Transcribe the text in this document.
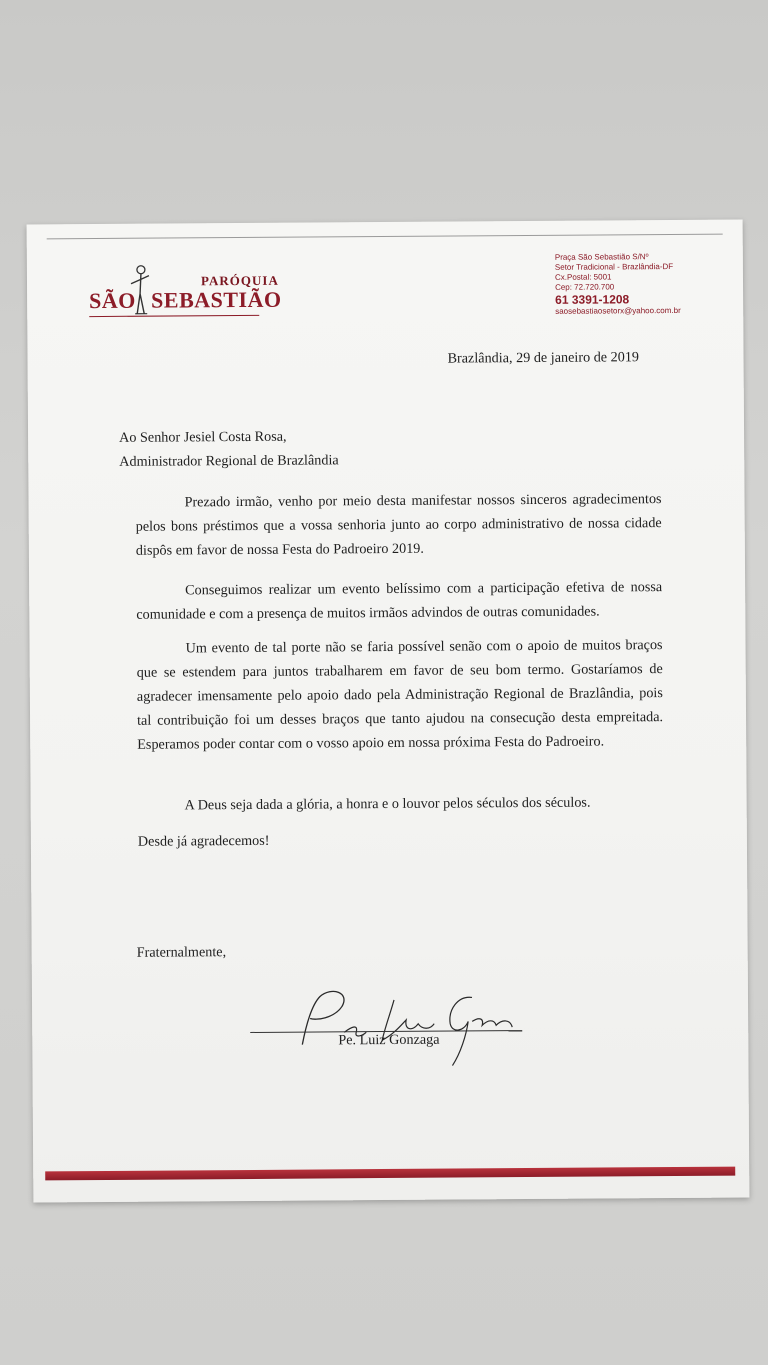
PARÓQUIA
SÃO SEBASTIÃO
Praça São Sebastião S/Nº
Setor Tradicional - Brazlândia-DF
Cx.Postal: 5001
Cep: 72.720.700
61 3391-1208
saosebastiaosetorx@yahoo.com.br
Brazlândia, 29 de janeiro de 2019
Ao Senhor Jesiel Costa Rosa,
Administrador Regional de Brazlândia
Prezado irmão, venho por meio desta manifestar nossos sinceros agradecimentos pelos bons préstimos que a vossa senhoria junto ao corpo administrativo de nossa cidade dispôs em favor de nossa Festa do Padroeiro 2019.
Conseguimos realizar um evento belíssimo com a participação efetiva de nossa comunidade e com a presença de muitos irmãos advindos de outras comunidades.
Um evento de tal porte não se faria possível senão com o apoio de muitos braços que se estendem para juntos trabalharem em favor de seu bom termo. Gostaríamos de agradecer imensamente pelo apoio dado pela Administração Regional de Brazlândia, pois tal contribuição foi um desses braços que tanto ajudou na consecução desta empreitada. Esperamos poder contar com o vosso apoio em nossa próxima Festa do Padroeiro.
A Deus seja dada a glória, a honra e o louvor pelos séculos dos séculos.
Desde já agradecemos!
Fraternalmente,
Pe. Luiz Gonzaga
